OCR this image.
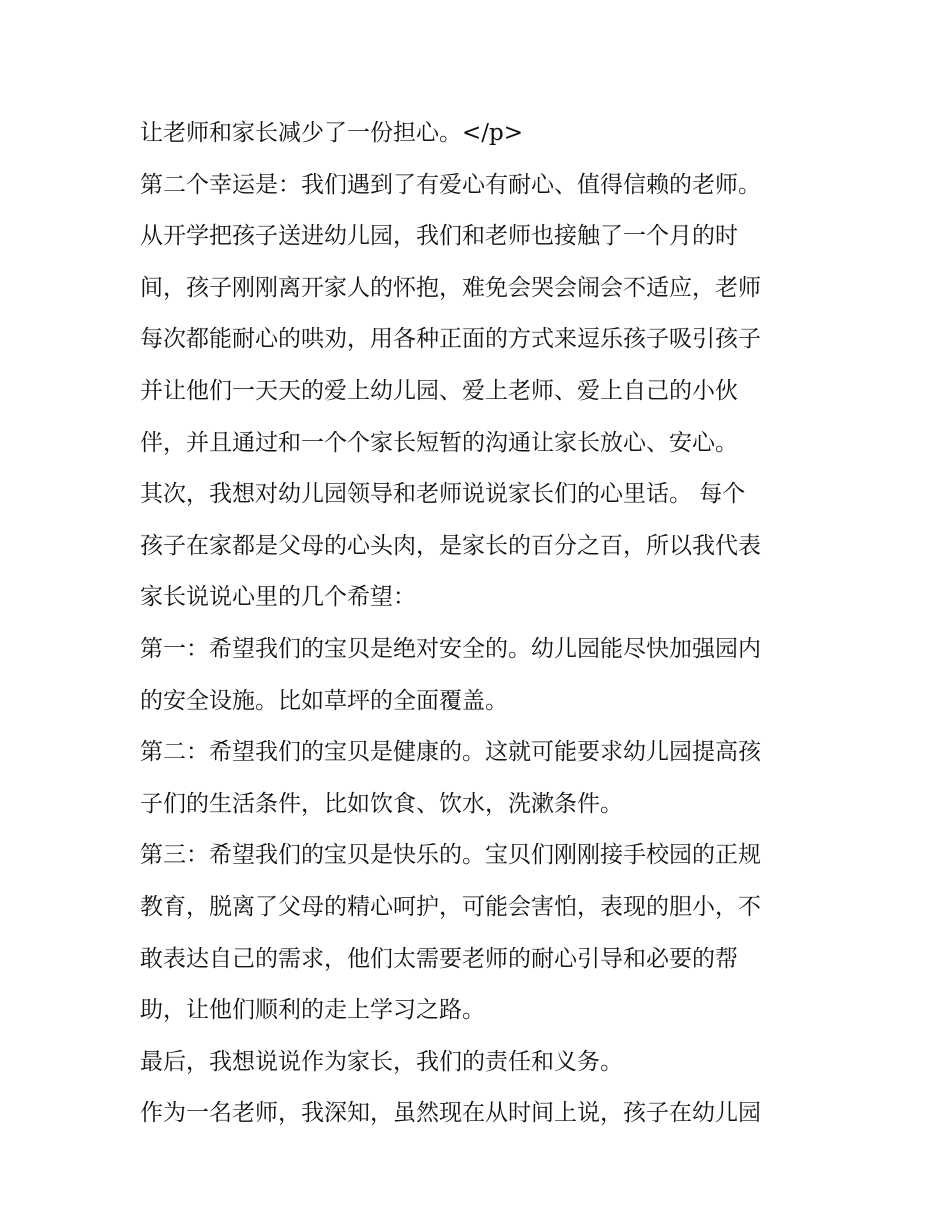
让老师和家长减少了一份担心。</p>
第二个幸运是：我们遇到了有爱心有耐心、值得信赖的老师。
从开学把孩子送进幼儿园，我们和老师也接触了一个月的时
间，孩子刚刚离开家人的怀抱，难免会哭会闹会不适应，老师
每次都能耐心的哄劝，用各种正面的方式来逗乐孩子吸引孩子
并让他们一天天的爱上幼儿园、爱上老师、爱上自己的小伙
伴，并且通过和一个个家长短暂的沟通让家长放心、安心。
其次，我想对幼儿园领导和老师说说家长们的心里话。 每个
孩子在家都是父母的心头肉，是家长的百分之百，所以我代表
家长说说心里的几个希望：
第一：希望我们的宝贝是绝对安全的。幼儿园能尽快加强园内
的安全设施。比如草坪的全面覆盖。
第二：希望我们的宝贝是健康的。这就可能要求幼儿园提高孩
子们的生活条件，比如饮食、饮水，洗漱条件。
第三：希望我们的宝贝是快乐的。宝贝们刚刚接手校园的正规
教育，脱离了父母的精心呵护，可能会害怕，表现的胆小，不
敢表达自己的需求，他们太需要老师的耐心引导和必要的帮
助，让他们顺利的走上学习之路。
最后，我想说说作为家长，我们的责任和义务。
作为一名老师，我深知，虽然现在从时间上说，孩子在幼儿园
